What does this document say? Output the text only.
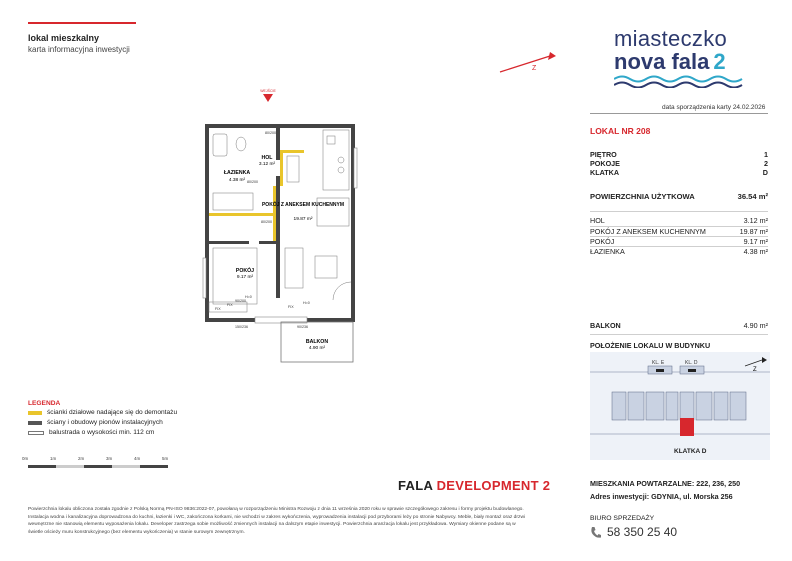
lokal mieszkalny
karta informacyjna inwestycji
Z
miasteczko
nova fala 2
data sporządzenia karty 24.02.2026
LOKAL NR 208
PIĘTRO	1
POKOJE	2
KLATKA	D
POWIERZCHNIA UŻYTKOWA	36.54 m²
HOL	3.12 m²
POKÓJ Z ANEKSEM KUCHENNYM	19.87 m²
POKÓJ	9.17 m²
ŁAZIENKA	4.38 m²
BALKON	4.90 m²
POŁOŻENIE LOKALU W BUDYNKU
KL. E	KL. D
KLATKA D
Z
MIESZKANIA POWTARZALNE: 222, 236, 250
Adres inwestycji: GDYNIA, ul. Morska 256
BIURO SPRZEDAŻY
58 350 25 40
FALA DEVELOPMENT 2
Powierzchnia lokalu obliczona została zgodnie z Polską Normą PN-ISO 9836:2022-07, powołaną w rozporządzeniu Ministra Rozwoju z dnia 11 września 2020 roku w sprawie szczegółowego zakresu i formy projektu budowlanego. Instalacja wodna i kanalizacyjna doprowadzona do kuchni, łazienki i WC, zakończona korkami, nie wchodzi w zakres wykończenia, wyprowadzenia instalacji pod przyborami leży po stronie Nabywcy. Meble, biały montaż oraz drzwi wewnętrzne nie stanowią elementu wyposażenia lokalu. Developer zastrzega sobie możliwość zmiennych instalacji na dalszym etapie inwestycji. Powierzchnia aranżacja lokalu jest przykładowa. Wymiary okienne podane są w świetle ościeży muru konstrukcyjnego (bez elementu wykończenia) w stanie surowym zewnętrznym.
LEGENDA
ścianki działowe nadające się do demontażu
ściany i obudowy pionów instalacyjnych
balustrada o wysokości min. 112 cm
0m	1m	2m	3m	4m	5m
WEJŚCIE
HOL
3.12 m²
ŁAZIENKA
4.38 m²
POKÓJ Z ANEKSEM KUCHENNYM
19.87 m²
POKÓJ
9.17 m²
BALKON
4.90 m²
80/200
80/200
80/200
90/200
150/236	90/236
FIX	FIX
H=0
FIX
H=0
